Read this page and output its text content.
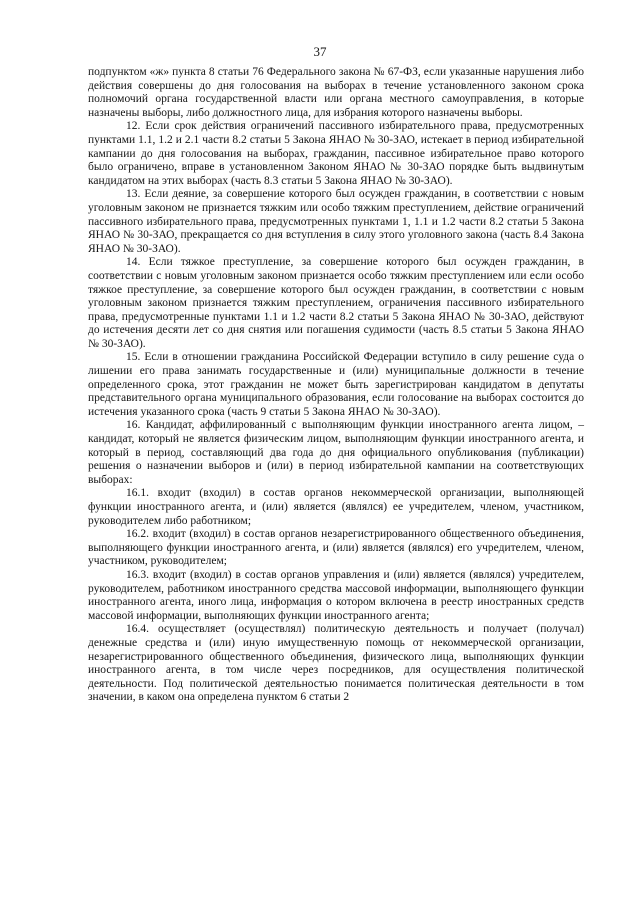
37

подпунктом «ж» пункта 8 статьи 76 Федерального закона № 67-ФЗ, если указанные нарушения либо действия совершены до дня голосования на выборах в течение установленного законом срока полномочий органа государственной власти или органа местного самоуправления, в которые назначены выборы, либо должностного лица, для избрания которого назначены выборы.

12. Если срок действия ограничений пассивного избирательного права, предусмотренных пунктами 1.1, 1.2 и 2.1 части 8.2 статьи 5 Закона ЯНАО № 30-ЗАО, истекает в период избирательной кампании до дня голосования на выборах, гражданин, пассивное избирательное право которого было ограничено, вправе в установленном Законом ЯНАО № 30-ЗАО порядке быть выдвинутым кандидатом на этих выборах (часть 8.3 статьи 5 Закона ЯНАО № 30-ЗАО).

13. Если деяние, за совершение которого был осужден гражданин, в соответствии с новым уголовным законом не признается тяжким или особо тяжким преступлением, действие ограничений пассивного избирательного права, предусмотренных пунктами 1, 1.1 и 1.2 части 8.2 статьи 5 Закона ЯНАО № 30-ЗАО, прекращается со дня вступления в силу этого уголовного закона (часть 8.4 Закона ЯНАО № 30-ЗАО).

14. Если тяжкое преступление, за совершение которого был осужден гражданин, в соответствии с новым уголовным законом признается особо тяжким преступлением или если особо тяжкое преступление, за совершение которого был осужден гражданин, в соответствии с новым уголовным законом признается тяжким преступлением, ограничения пассивного избирательного права, предусмотренные пунктами 1.1 и 1.2 части 8.2 статьи 5 Закона ЯНАО № 30-ЗАО, действуют до истечения десяти лет со дня снятия или погашения судимости (часть 8.5 статьи 5 Закона ЯНАО № 30-ЗАО).

15. Если в отношении гражданина Российской Федерации вступило в силу решение суда о лишении его права занимать государственные и (или) муниципальные должности в течение определенного срока, этот гражданин не может быть зарегистрирован кандидатом в депутаты представительного органа муниципального образования, если голосование на выборах состоится до истечения указанного срока (часть 9 статьи 5 Закона ЯНАО № 30-ЗАО).

16. Кандидат, аффилированный с выполняющим функции иностранного агента лицом, – кандидат, который не является физическим лицом, выполняющим функции иностранного агента, и который в период, составляющий два года до дня официального опубликования (публикации) решения о назначении выборов и (или) в период избирательной кампании на соответствующих выборах:

16.1. входит (входил) в состав органов некоммерческой организации, выполняющей функции иностранного агента, и (или) является (являлся) ее учредителем, членом, участником, руководителем либо работником;

16.2. входит (входил) в состав органов незарегистрированного общественного объединения, выполняющего функции иностранного агента, и (или) является (являлся) его учредителем, членом, участником, руководителем;

16.3. входит (входил) в состав органов управления и (или) является (являлся) учредителем, руководителем, работником иностранного средства массовой информации, выполняющего функции иностранного агента, иного лица, информация о котором включена в реестр иностранных средств массовой информации, выполняющих функции иностранного агента;

16.4. осуществляет (осуществлял) политическую деятельность и получает (получал) денежные средства и (или) иную имущественную помощь от некоммерческой организации, незарегистрированного общественного объединения, физического лица, выполняющих функции иностранного агента, в том числе через посредников, для осуществления политической деятельности. Под политической деятельностью понимается политическая деятельности в том значении, в каком она определена пунктом 6 статьи 2
